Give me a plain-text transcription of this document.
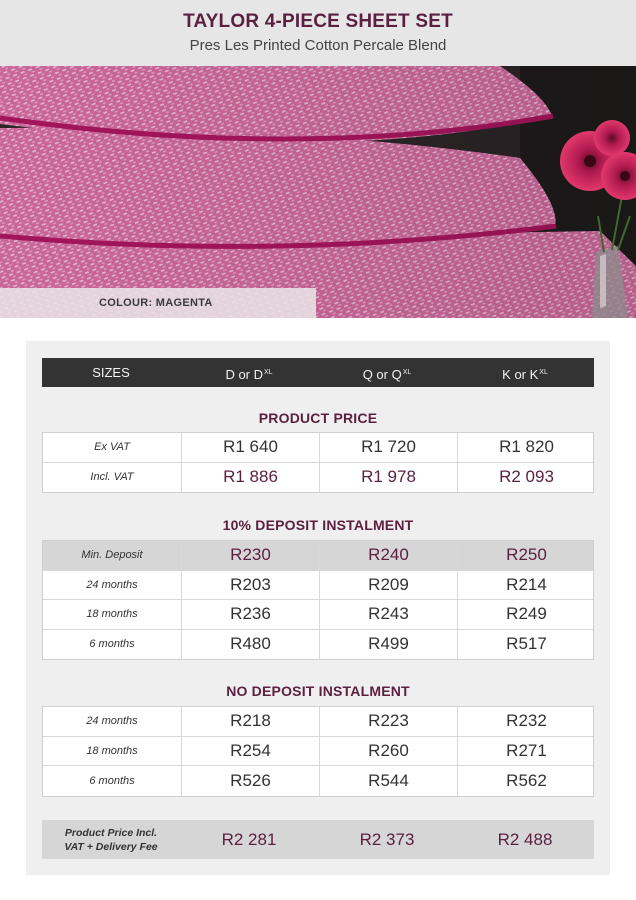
TAYLOR 4-PIECE SHEET SET
Pres Les Printed Cotton Percale Blend
COLOUR: MAGENTA
SIZES	D or $D^{XL}$	Q or $Q^{XL}$	K or $K^{XL}$
PRODUCT PRICE
Ex VAT	R1 640	R1 720	R1 820
Incl. VAT	R1 886	R1 978	R2 093
10% DEPOSIT INSTALMENT
Min. Deposit	R230	R240	R250
24 months	R203	R209	R214
18 months	R236	R243	R249
6 months	R480	R499	R517
NO DEPOSIT INSTALMENT
24 months	R218	R223	R232
18 months	R254	R260	R271
6 months	R526	R544	R562
Product Price Incl.
VAT + Delivery Fee	R2 281	R2 373	R2 488
